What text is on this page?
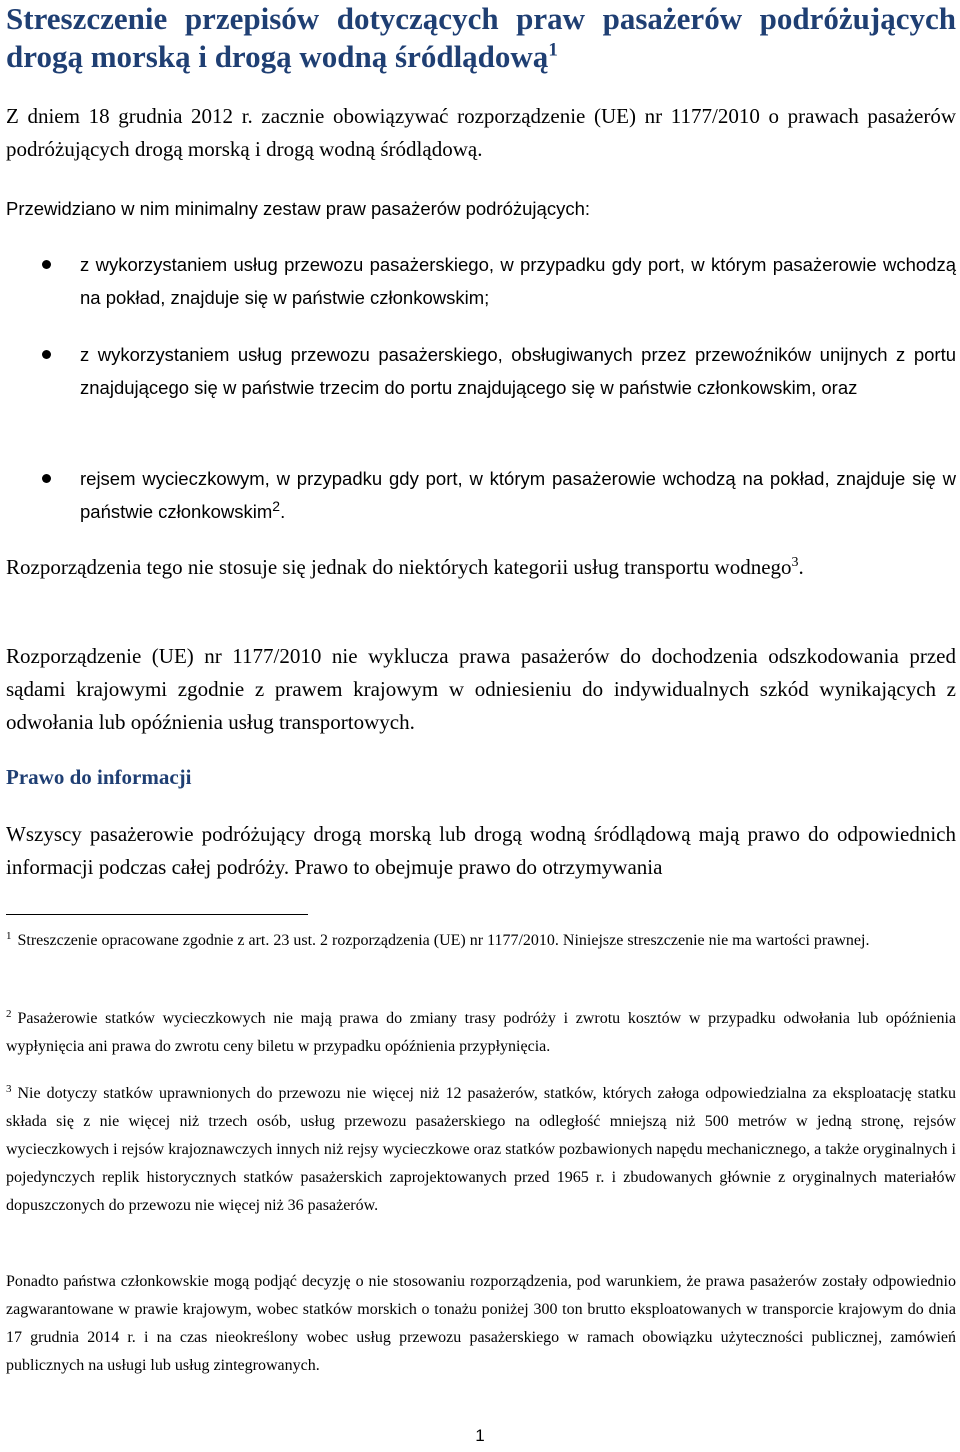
Streszczenie przepisów dotyczących praw pasażerów podróżujących drogą morską i drogą wodną śródlądową$^1$

Z dniem 18 grudnia 2012 r. zacznie obowiązywać rozporządzenie (UE) nr 1177/2010 o prawach pasażerów podróżujących drogą morską i drogą wodną śródlądową.

Przewidziano w nim minimalny zestaw praw pasażerów podróżujących:

z wykorzystaniem usług przewozu pasażerskiego, w przypadku gdy port, w którym pasażerowie wchodzą na pokład, znajduje się w państwie członkowskim;

z wykorzystaniem usług przewozu pasażerskiego, obsługiwanych przez przewoźników unijnych z portu znajdującego się w państwie trzecim do portu znajdującego się w państwie członkowskim, oraz

rejsem wycieczkowym, w przypadku gdy port, w którym pasażerowie wchodzą na pokład, znajduje się w państwie członkowskim$^2$.

Rozporządzenia tego nie stosuje się jednak do niektórych kategorii usług transportu wodnego$^3$.

Rozporządzenie (UE) nr 1177/2010 nie wyklucza prawa pasażerów do dochodzenia odszkodowania przed sądami krajowymi zgodnie z prawem krajowym w odniesieniu do indywidualnych szkód wynikających z odwołania lub opóźnienia usług transportowych.

Prawo do informacji

Wszyscy pasażerowie podróżujący drogą morską lub drogą wodną śródlądową mają prawo do odpowiednich informacji podczas całej podróży. Prawo to obejmuje prawo do otrzymywania

$^1$ Streszczenie opracowane zgodnie z art. 23 ust. 2 rozporządzenia (UE) nr 1177/2010. Niniejsze streszczenie nie ma wartości prawnej.

$^2$ Pasażerowie statków wycieczkowych nie mają prawa do zmiany trasy podróży i zwrotu kosztów w przypadku odwołania lub opóźnienia wypłynięcia ani prawa do zwrotu ceny biletu w przypadku opóźnienia przypłynięcia.

$^3$ Nie dotyczy statków uprawnionych do przewozu nie więcej niż 12 pasażerów, statków, których załoga odpowiedzialna za eksploatację statku składa się z nie więcej niż trzech osób, usług przewozu pasażerskiego na odległość mniejszą niż 500 metrów w jedną stronę, rejsów wycieczkowych i rejsów krajoznawczych innych niż rejsy wycieczkowe oraz statków pozbawionych napędu mechanicznego, a także oryginalnych i pojedynczych replik historycznych statków pasażerskich zaprojektowanych przed 1965 r. i zbudowanych głównie z oryginalnych materiałów dopuszczonych do przewozu nie więcej niż 36 pasażerów.

Ponadto państwa członkowskie mogą podjąć decyzję o nie stosowaniu rozporządzenia, pod warunkiem, że prawa pasażerów zostały odpowiednio zagwarantowane w prawie krajowym, wobec statków morskich o tonażu poniżej 300 ton brutto eksploatowanych w transporcie krajowym do dnia 17 grudnia 2014 r. i na czas nieokreślony wobec usług przewozu pasażerskiego w ramach obowiązku użyteczności publicznej, zamówień publicznych na usługi lub usług zintegrowanych.

1
